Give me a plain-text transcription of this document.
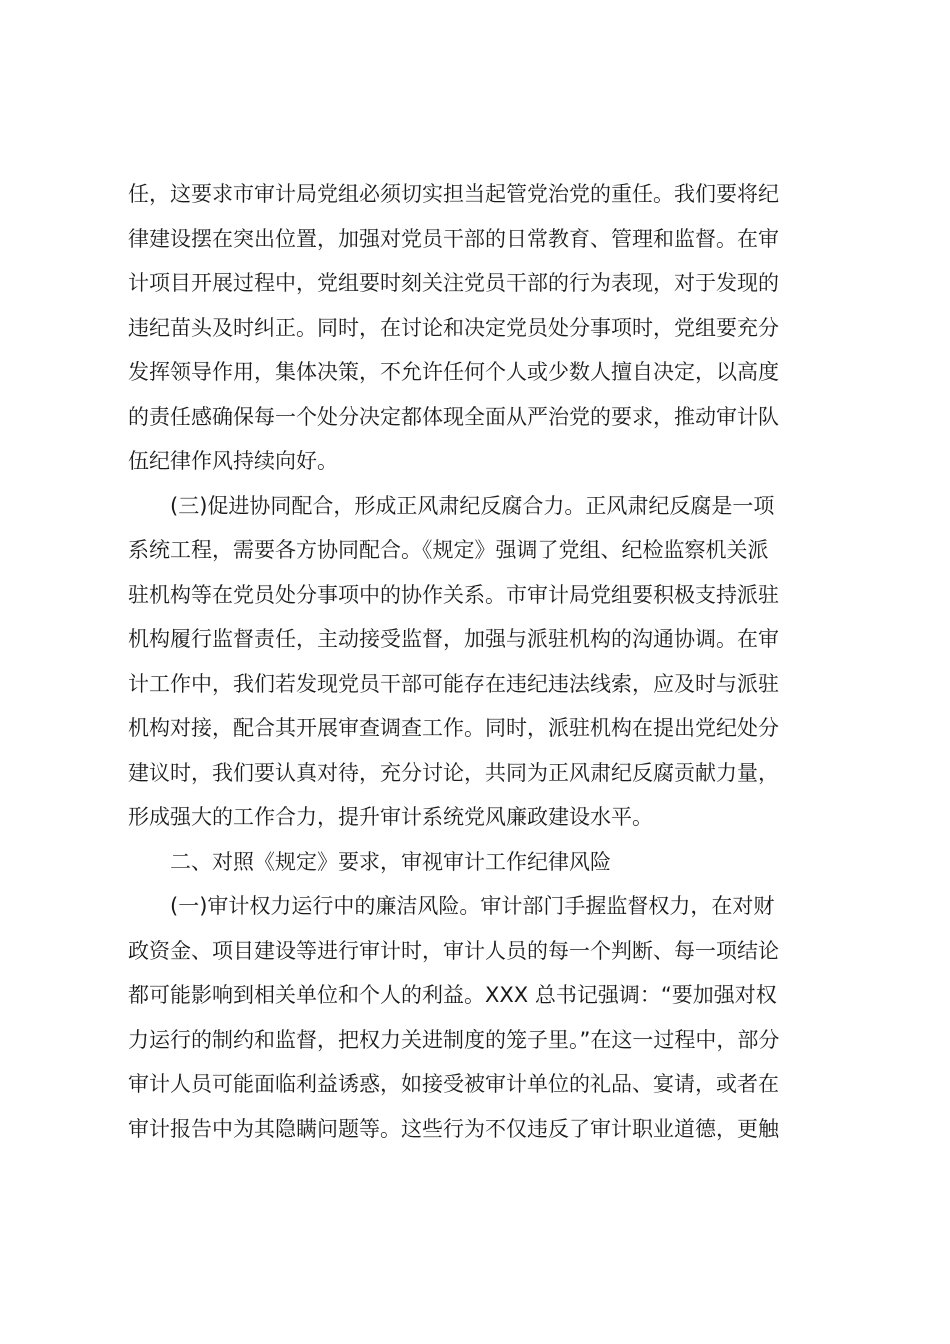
任，这要求市审计局党组必须切实担当起管党治党的重任。我们要将纪
律建设摆在突出位置，加强对党员干部的日常教育、管理和监督。在审
计项目开展过程中，党组要时刻关注党员干部的行为表现，对于发现的
违纪苗头及时纠正。同时，在讨论和决定党员处分事项时，党组要充分
发挥领导作用，集体决策，不允许任何个人或少数人擅自决定，以高度
的责任感确保每一个处分决定都体现全面从严治党的要求，推动审计队
伍纪律作风持续向好。
(三)促进协同配合，形成正风肃纪反腐合力。正风肃纪反腐是一项
系统工程，需要各方协同配合。《规定》强调了党组、纪检监察机关派
驻机构等在党员处分事项中的协作关系。市审计局党组要积极支持派驻
机构履行监督责任，主动接受监督，加强与派驻机构的沟通协调。在审
计工作中，我们若发现党员干部可能存在违纪违法线索，应及时与派驻
机构对接，配合其开展审查调查工作。同时，派驻机构在提出党纪处分
建议时，我们要认真对待，充分讨论，共同为正风肃纪反腐贡献力量，
形成强大的工作合力，提升审计系统党风廉政建设水平。
二、对照《规定》要求，审视审计工作纪律风险
(一)审计权力运行中的廉洁风险。审计部门手握监督权力，在对财
政资金、项目建设等进行审计时，审计人员的每一个判断、每一项结论
都可能影响到相关单位和个人的利益。XXX 总书记强调：“要加强对权
力运行的制约和监督，把权力关进制度的笼子里。”在这一过程中，部分
审计人员可能面临利益诱惑，如接受被审计单位的礼品、宴请，或者在
审计报告中为其隐瞒问题等。这些行为不仅违反了审计职业道德，更触
